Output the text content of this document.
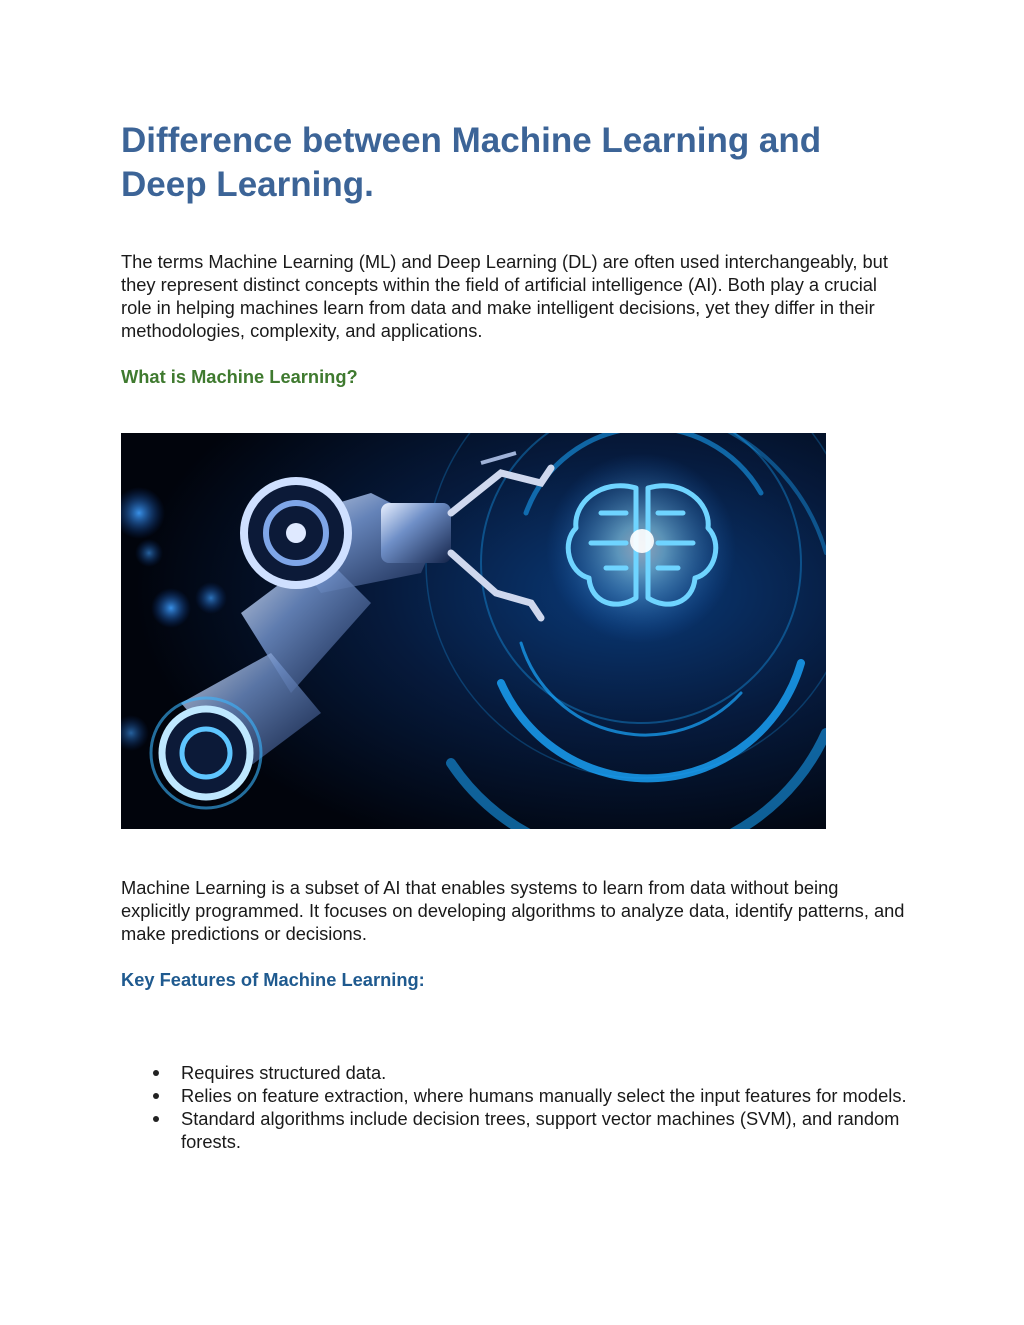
Difference between Machine Learning and Deep Learning.

The terms Machine Learning (ML) and Deep Learning (DL) are often used interchangeably, but they represent distinct concepts within the field of artificial intelligence (AI). Both play a crucial role in helping machines learn from data and make intelligent decisions, yet they differ in their methodologies, complexity, and applications.

What is Machine Learning?

Machine Learning is a subset of AI that enables systems to learn from data without being explicitly programmed. It focuses on developing algorithms to analyze data, identify patterns, and make predictions or decisions.

Key Features of Machine Learning:
Requires structured data.
Relies on feature extraction, where humans manually select the input features for models.
Standard algorithms include decision trees, support vector machines (SVM), and random forests.
